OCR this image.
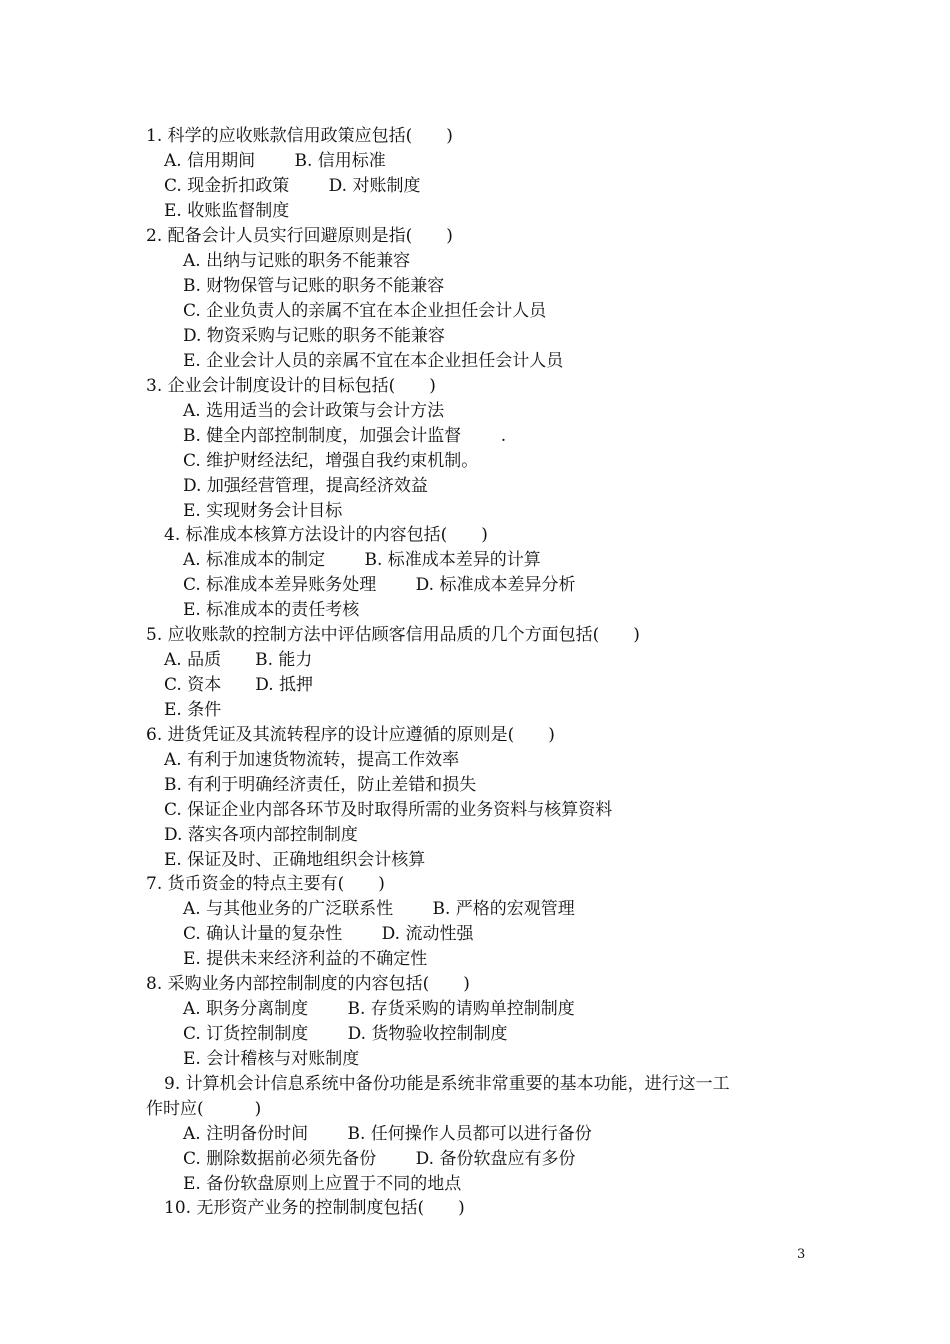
1. 科学的应收账款信用政策应包括(　　)
A. 信用期间　　 B. 信用标准
C. 现金折扣政策　　 D. 对账制度
E. 收账监督制度
2. 配备会计人员实行回避原则是指(　　)
A. 出纳与记账的职务不能兼容
B. 财物保管与记账的职务不能兼容
C. 企业负责人的亲属不宜在本企业担任会计人员
D. 物资采购与记账的职务不能兼容
E. 企业会计人员的亲属不宜在本企业担任会计人员
3. 企业会计制度设计的目标包括(　　)
A. 选用适当的会计政策与会计方法
B. 健全内部控制制度，加强会计监督　　 .
C. 维护财经法纪，增强自我约束机制。
D. 加强经营管理，提高经济效益
E. 实现财务会计目标
4. 标准成本核算方法设计的内容包括(　　)
A. 标准成本的制定　　 B. 标准成本差异的计算
C. 标准成本差异账务处理　　 D. 标准成本差异分析
E. 标准成本的责任考核
5. 应收账款的控制方法中评估顾客信用品质的几个方面包括(　　)
A. 品质　　B. 能力
C. 资本　　D. 抵押
E. 条件
6. 进货凭证及其流转程序的设计应遵循的原则是(　　)
A. 有利于加速货物流转，提高工作效率
B. 有利于明确经济责任，防止差错和损失
C. 保证企业内部各环节及时取得所需的业务资料与核算资料
D. 落实各项内部控制制度
E. 保证及时、正确地组织会计核算
7. 货币资金的特点主要有(　　)
A. 与其他业务的广泛联系性　　 B. 严格的宏观管理
C. 确认计量的复杂性　　 D. 流动性强
E. 提供未来经济利益的不确定性
8. 采购业务内部控制制度的内容包括(　　)
A. 职务分离制度　　 B. 存货采购的请购单控制制度
C. 订货控制制度　　 D. 货物验收控制制度
E. 会计稽核与对账制度
9. 计算机会计信息系统中备份功能是系统非常重要的基本功能，进行这一工
作时应(　　　)
A. 注明备份时间　　 B. 任何操作人员都可以进行备份
C. 删除数据前必须先备份　　 D. 备份软盘应有多份
E. 备份软盘原则上应置于不同的地点
10. 无形资产业务的控制制度包括(　　)
3
